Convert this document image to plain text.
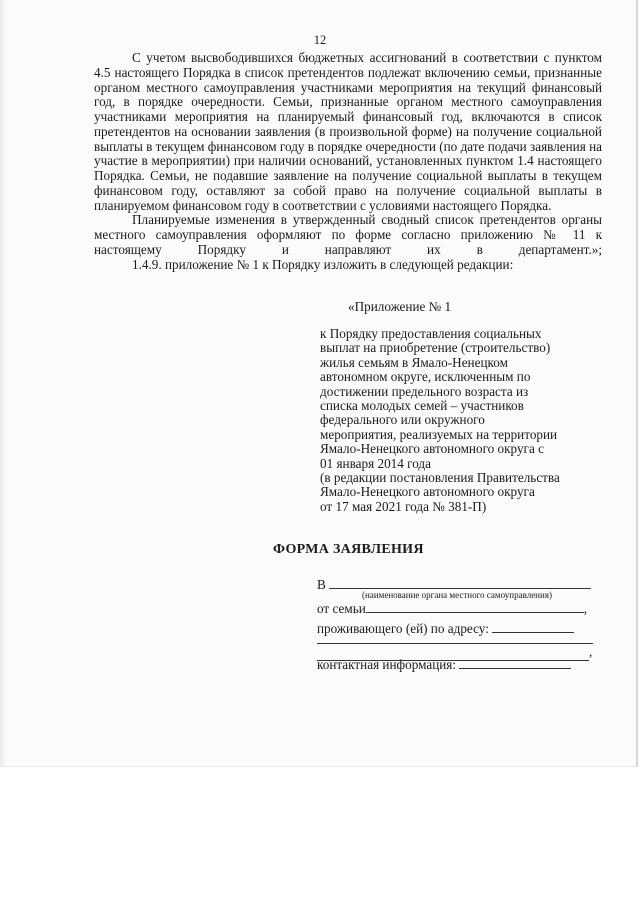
12

С учетом высвободившихся бюджетных ассигнований в соответствии с пунктом 4.5 настоящего Порядка в список претендентов подлежат включению семьи, признанные органом местного самоуправления участниками мероприятия на текущий финансовый год, в порядке очередности. Семьи, признанные органом местного самоуправления участниками мероприятия на планируемый финансовый год, включаются в список претендентов на основании заявления (в произвольной форме) на получение социальной выплаты в текущем финансовом году в порядке очередности (по дате подачи заявления на участие в мероприятии) при наличии оснований, установленных пунктом 1.4 настоящего Порядка. Семьи, не подавшие заявление на получение социальной выплаты в текущем финансовом году, оставляют за собой право на получение социальной выплаты в планируемом финансовом году в соответствии с условиями настоящего Порядка.

Планируемые изменения в утвержденный сводный список претендентов органы местного самоуправления оформляют по форме согласно приложению № 11 к настоящему Порядку и направляют их в департамент.»;

1.4.9. приложение № 1 к Порядку изложить в следующей редакции:

«Приложение № 1
к Порядку предоставления социальных
выплат на приобретение (строительство)
жилья семьям в Ямало-Ненецком
автономном округе, исключенным по
достижении предельного возраста из
списка молодых семей – участников
федерального или окружного
мероприятия, реализуемых на территории
Ямало-Ненецкого автономного округа с
01 января 2014 года
(в редакции постановления Правительства
Ямало-Ненецкого автономного округа
от 17 мая 2021 года № 381-П)
ФОРМА ЗАЯВЛЕНИЯ
В
(наименование органа местного самоуправления)
от семьи	,
проживающего (ей) по адресу:
,
контактная информация:
